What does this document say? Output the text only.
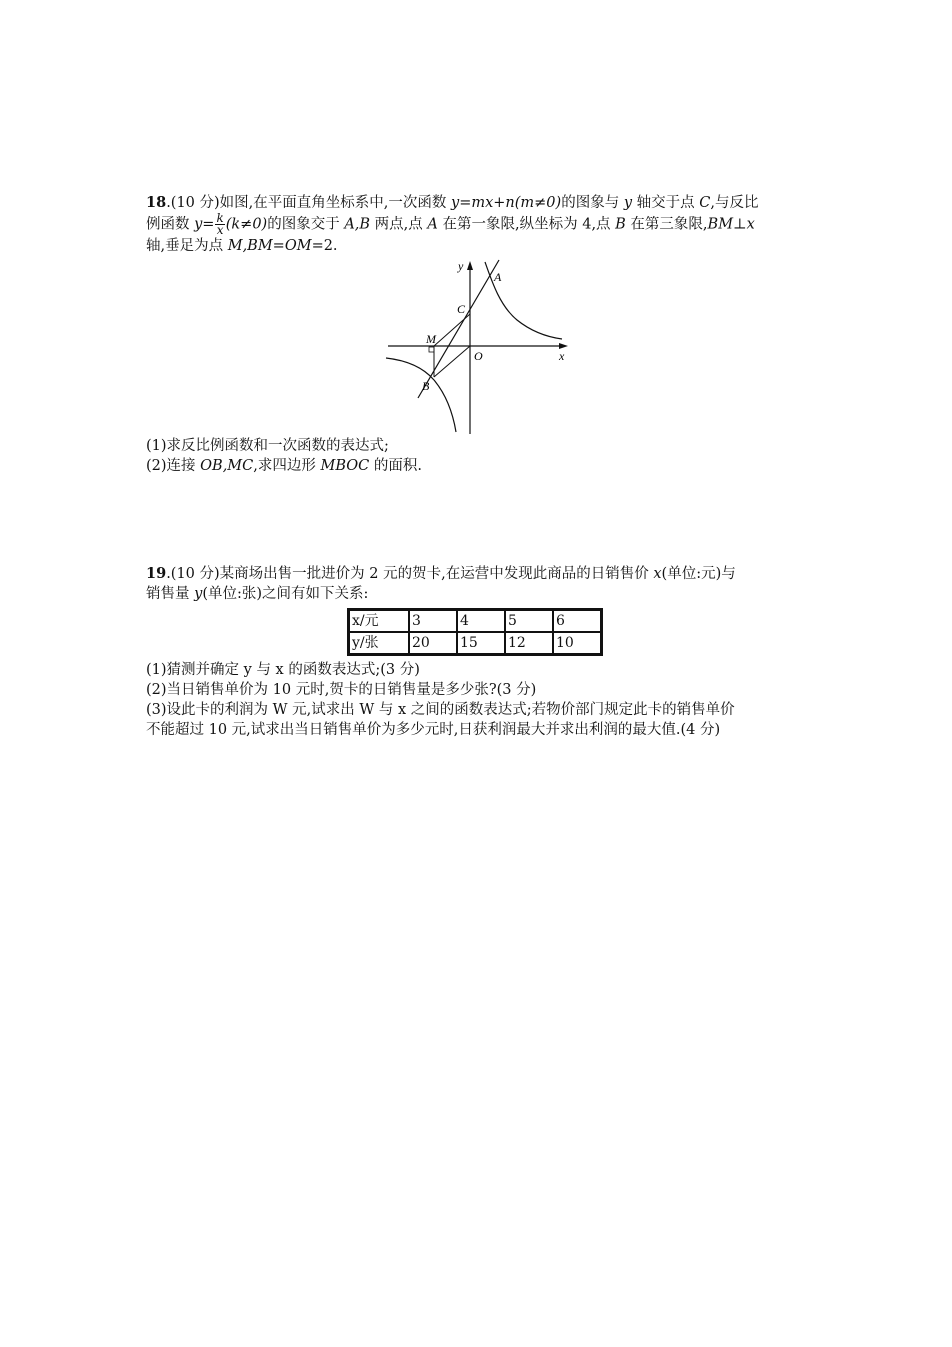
18.(10 分)如图,在平面直角坐标系中,一次函数 y=mx+n(m≠0)的图象与 y 轴交于点 C,与反比
例函数 $y= \frac{k}{x} (k\ne 0)$的图象交于 A,B 两点,点 A 在第一象限,纵坐标为 4,点 B 在第三象限,BM⊥x
轴,垂足为点 M,BM=OM=2.
y
x
A
C
M
O
B
(1)求反比例函数和一次函数的表达式;
(2)连接 OB,MC,求四边形 MBOC 的面积.
19.(10 分)某商场出售一批进价为 2 元的贺卡,在运营中发现此商品的日销售价 x(单位:元)与
销售量 y(单位:张)之间有如下关系:
x/元	3	4	5	6
y/张	20	15	12	10
(1)猜测并确定 y 与 x 的函数表达式;(3 分)
(2)当日销售单价为 10 元时,贺卡的日销售量是多少张?(3 分)
(3)设此卡的利润为 W 元,试求出 W 与 x 之间的函数表达式;若物价部门规定此卡的销售单价
不能超过 10 元,试求出当日销售单价为多少元时,日获利润最大并求出利润的最大值.(4 分)
